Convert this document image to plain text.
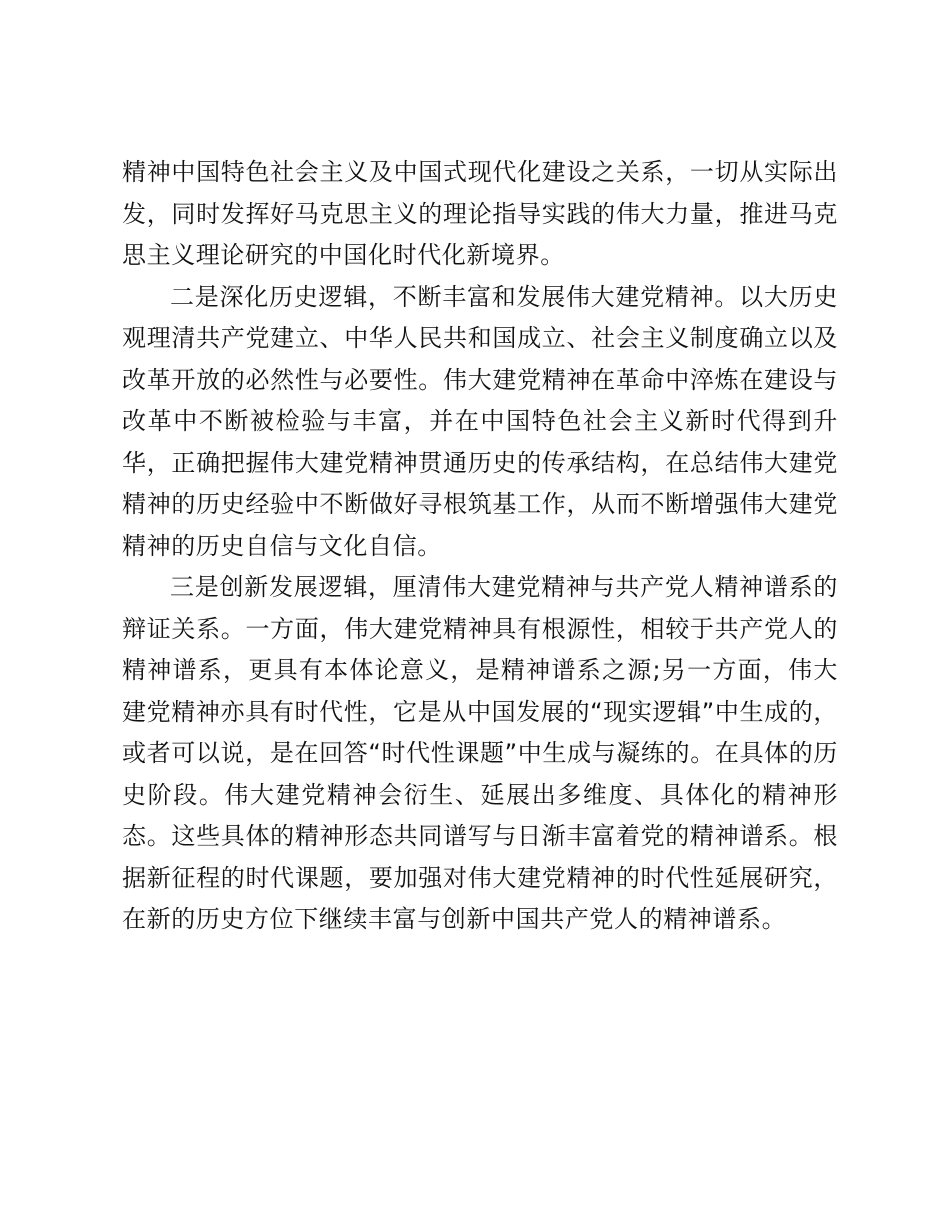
精神中国特色社会主义及中国式现代化建设之关系，一切从实际出发，同时发挥好马克思主义的理论指导实践的伟大力量，推进马克思主义理论研究的中国化时代化新境界。

二是深化历史逻辑，不断丰富和发展伟大建党精神。以大历史观理清共产党建立、中华人民共和国成立、社会主义制度确立以及改革开放的必然性与必要性。伟大建党精神在革命中淬炼在建设与改革中不断被检验与丰富，并在中国特色社会主义新时代得到升华，正确把握伟大建党精神贯通历史的传承结构，在总结伟大建党精神的历史经验中不断做好寻根筑基工作，从而不断增强伟大建党精神的历史自信与文化自信。

三是创新发展逻辑，厘清伟大建党精神与共产党人精神谱系的辩证关系。一方面，伟大建党精神具有根源性，相较于共产党人的精神谱系，更具有本体论意义，是精神谱系之源;另一方面，伟大建党精神亦具有时代性，它是从中国发展的“现实逻辑”中生成的，或者可以说，是在回答“时代性课题”中生成与凝练的。在具体的历史阶段。伟大建党精神会衍生、延展出多维度、具体化的精神形态。这些具体的精神形态共同谱写与日渐丰富着党的精神谱系。根据新征程的时代课题，要加强对伟大建党精神的时代性延展研究，在新的历史方位下继续丰富与创新中国共产党人的精神谱系。
